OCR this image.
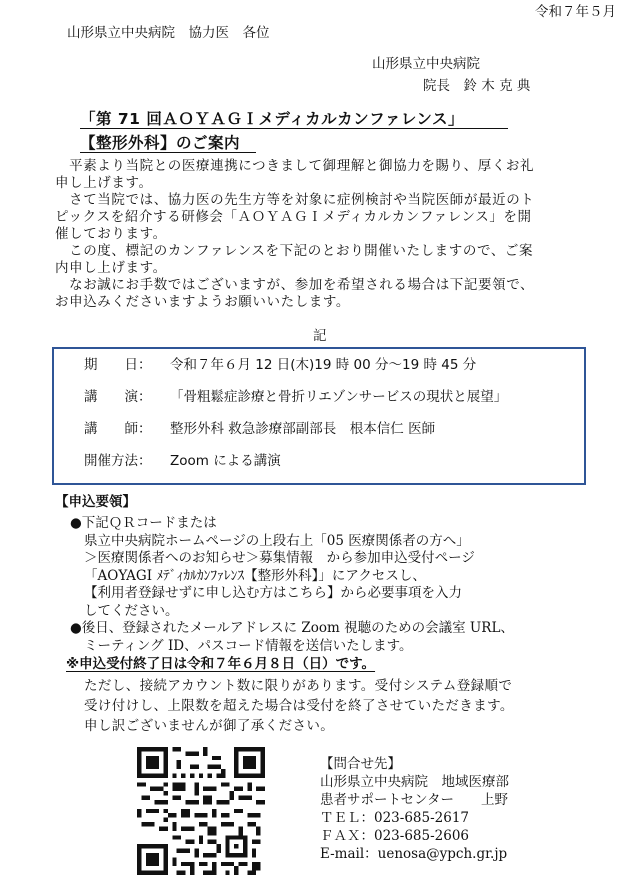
令和７年５月
山形県立中央病院　協力医　各位
山形県立中央病院
院長　鈴 木 克 典
「第 71 回ＡＯＹＡＧＩメディカルカンファレンス」
【整形外科】のご案内
　平素より当院との医療連携につきまして御理解と御協力を賜り、厚くお礼
申し上げます。
　さて当院では、協力医の先生方等を対象に症例検討や当院医師が最近のト
ピックスを紹介する研修会「ＡＯＹＡＧＩメディカルカンファレンス」を開
催しております。
　この度、標記のカンファレンスを下記のとおり開催いたしますので、ご案
内申し上げます。
　なお誠にお手数ではございますが、参加を希望される場合は下記要領で、
お申込みくださいますようお願いいたします。
記
期　　日： 令和７年６月 12 日(木)19 時 00 分～19 時 45 分
講　　演： 「骨粗鬆症診療と骨折リエゾンサービスの現状と展望」
講　　師： 整形外科 救急診療部副部長　根本信仁 医師
開催方法： Zoom による講演
【申込要領】
●下記ＱＲコードまたは
県立中央病院ホームページの上段右上「05 医療関係者の方へ」
＞医療関係者へのお知らせ＞募集情報　から参加申込受付ページ
「AOYAGI ﾒﾃﾞｨｶﾙｶﾝﾌｧﾚﾝｽ【整形外科】」にアクセスし、
【利用者登録せずに申し込む方はこちら】から必要事項を入力
してください。
●後日、登録されたメールアドレスに Zoom 視聴のための会議室 URL、
ミーティング ID、パスコード情報を送信いたします。
※申込受付終了日は令和７年６月８日（日）です。
ただし、接続アカウント数に限りがあります。受付システム登録順で
受け付けし、上限数を超えた場合は受付を終了させていただきます。
申し訳ございませんが御了承ください。
【問合せ先】
山形県立中央病院　地域医療部
患者サポートセンター　　上野
ＴＥＬ：023-685-2617
ＦＡＸ：023-685-2606
E-mail：uenosa@ypch.gr.jp
